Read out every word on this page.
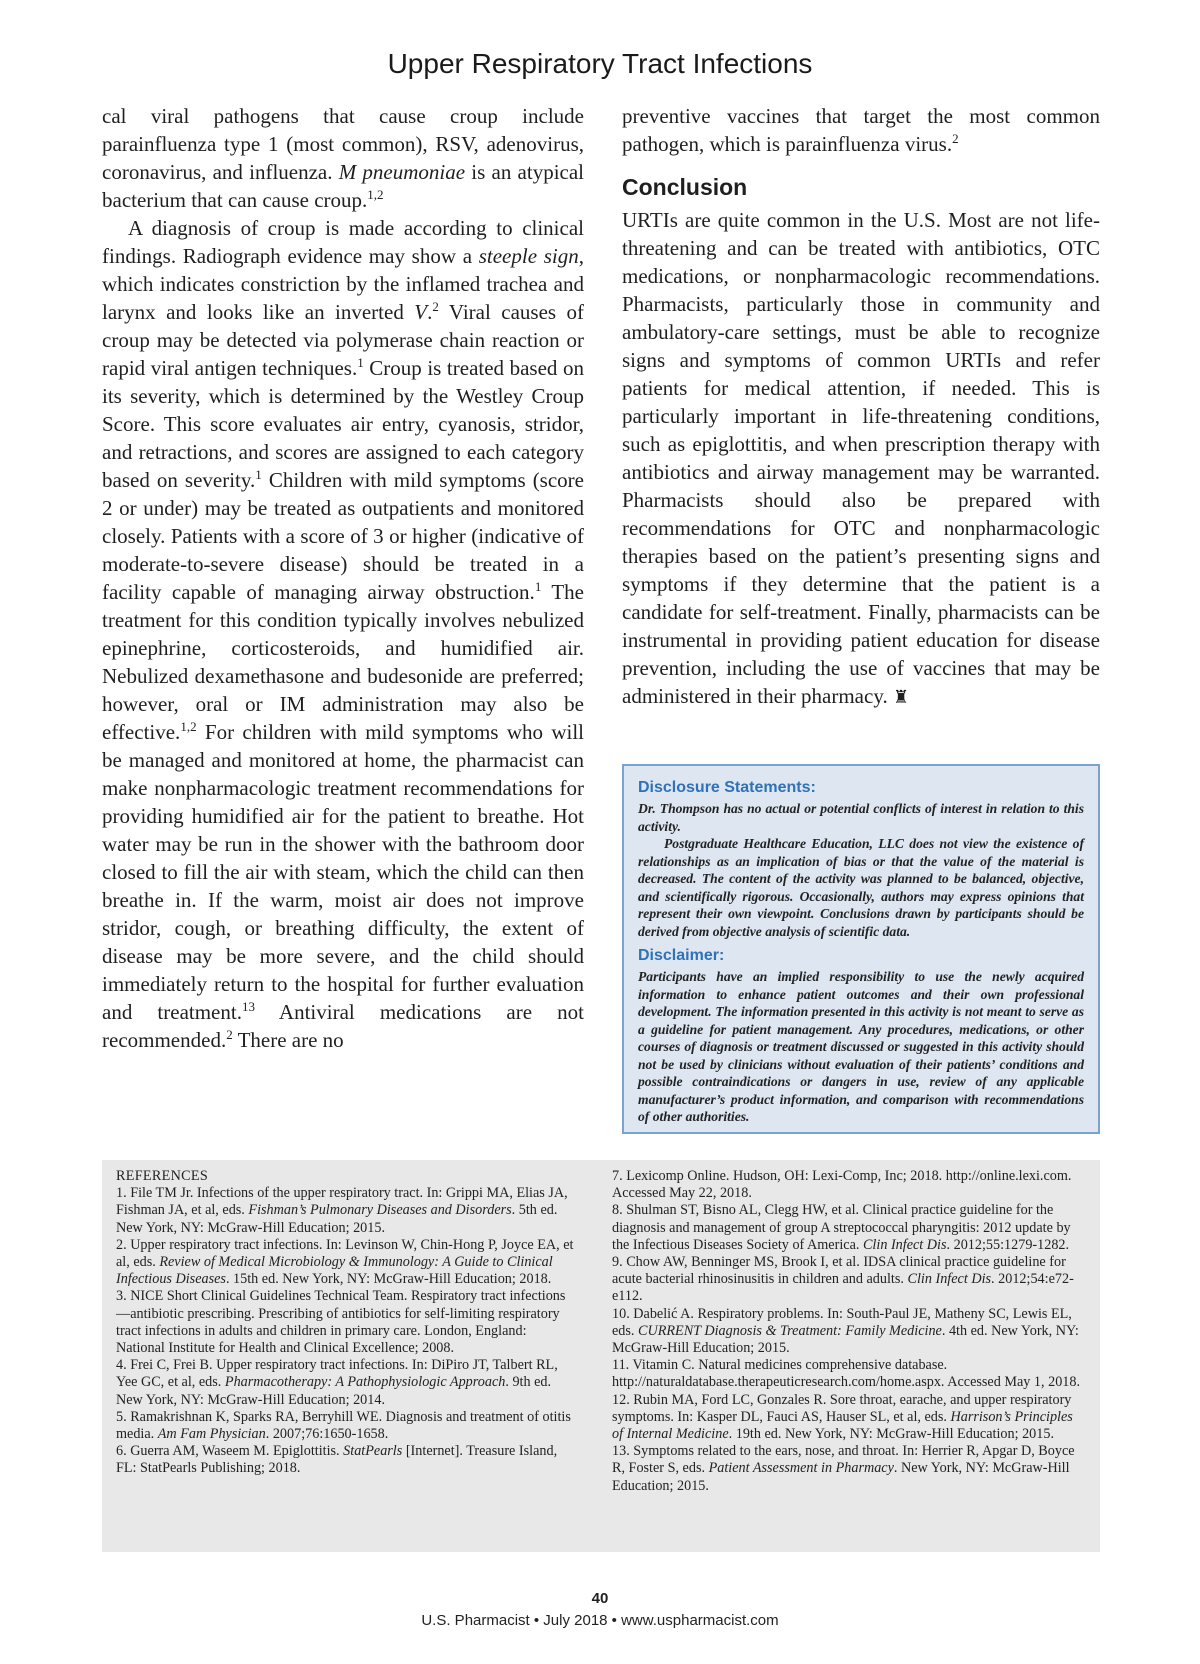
Upper Respiratory Tract Infections

cal viral pathogens that cause croup include parainfluenza type 1 (most common), RSV, adenovirus, coronavirus, and influenza. M pneumoniae is an atypical bacterium that can cause croup.$^{1,2}$

A diagnosis of croup is made according to clinical findings. Radiograph evidence may show a steeple sign, which indicates constriction by the inflamed trachea and larynx and looks like an inverted V.$^2$ Viral causes of croup may be detected via polymerase chain reaction or rapid viral antigen techniques.$^1$ Croup is treated based on its severity, which is determined by the Westley Croup Score. This score evaluates air entry, cyanosis, stridor, and retractions, and scores are assigned to each category based on severity.$^1$ Children with mild symptoms (score 2 or under) may be treated as outpatients and monitored closely. Patients with a score of 3 or higher (indicative of moderate-to-severe disease) should be treated in a facility capable of managing airway obstruction.$^1$ The treatment for this condition typically involves nebulized epinephrine, corticosteroids, and humidified air. Nebulized dexamethasone and budesonide are preferred; however, oral or IM administration may also be effective.$^{1,2}$ For children with mild symptoms who will be managed and monitored at home, the pharmacist can make nonpharmacologic treatment recommendations for providing humidified air for the patient to breathe. Hot water may be run in the shower with the bathroom door closed to fill the air with steam, which the child can then breathe in. If the warm, moist air does not improve stridor, cough, or breathing difficulty, the extent of disease may be more severe, and the child should immediately return to the hospital for further evaluation and treatment.$^{13}$ Antiviral medications are not recommended.$^2$ There are no

preventive vaccines that target the most common pathogen, which is parainfluenza virus.$^2$

Conclusion

URTIs are quite common in the U.S. Most are not life-threatening and can be treated with antibiotics, OTC medications, or nonpharmacologic recommendations. Pharmacists, particularly those in community and ambulatory-care settings, must be able to recognize signs and symptoms of common URTIs and refer patients for medical attention, if needed. This is particularly important in life-threatening conditions, such as epiglottitis, and when prescription therapy with antibiotics and airway management may be warranted. Pharmacists should also be prepared with recommendations for OTC and nonpharmacologic therapies based on the patient’s presenting signs and symptoms if they determine that the patient is a candidate for self-treatment. Finally, pharmacists can be instrumental in providing patient education for disease prevention, including the use of vaccines that may be administered in their pharmacy. ♜

Disclosure Statements:

Dr. Thompson has no actual or potential conflicts of interest in relation to this activity.

Postgraduate Healthcare Education, LLC does not view the existence of relationships as an implication of bias or that the value of the material is decreased. The content of the activity was planned to be balanced, objective, and scientifically rigorous. Occasionally, authors may express opinions that represent their own viewpoint. Conclusions drawn by participants should be derived from objective analysis of scientific data.

Disclaimer:

Participants have an implied responsibility to use the newly acquired information to enhance patient outcomes and their own professional development. The information presented in this activity is not meant to serve as a guideline for patient management. Any procedures, medications, or other courses of diagnosis or treatment discussed or suggested in this activity should not be used by clinicians without evaluation of their patients’ conditions and possible contraindications or dangers in use, review of any applicable manufacturer’s product information, and comparison with recommendations of other authorities.

REFERENCES

1. File TM Jr. Infections of the upper respiratory tract. In: Grippi MA, Elias JA, Fishman JA, et al, eds. Fishman’s Pulmonary Diseases and Disorders. 5th ed. New York, NY: McGraw-Hill Education; 2015.

2. Upper respiratory tract infections. In: Levinson W, Chin-Hong P, Joyce EA, et al, eds. Review of Medical Microbiology & Immunology: A Guide to Clinical Infectious Diseases. 15th ed. New York, NY: McGraw-Hill Education; 2018.

3. NICE Short Clinical Guidelines Technical Team. Respiratory tract infections—antibiotic prescribing. Prescribing of antibiotics for self-limiting respiratory tract infections in adults and children in primary care. London, England: National Institute for Health and Clinical Excellence; 2008.

4. Frei C, Frei B. Upper respiratory tract infections. In: DiPiro JT, Talbert RL, Yee GC, et al, eds. Pharmacotherapy: A Pathophysiologic Approach. 9th ed. New York, NY: McGraw-Hill Education; 2014.

5. Ramakrishnan K, Sparks RA, Berryhill WE. Diagnosis and treatment of otitis media. Am Fam Physician. 2007;76:1650-1658.

6. Guerra AM, Waseem M. Epiglottitis. StatPearls [Internet]. Treasure Island, FL: StatPearls Publishing; 2018.

7. Lexicomp Online. Hudson, OH: Lexi-Comp, Inc; 2018. http://online.lexi.com. Accessed May 22, 2018.

8. Shulman ST, Bisno AL, Clegg HW, et al. Clinical practice guideline for the diagnosis and management of group A streptococcal pharyngitis: 2012 update by the Infectious Diseases Society of America. Clin Infect Dis. 2012;55:1279-1282.

9. Chow AW, Benninger MS, Brook I, et al. IDSA clinical practice guideline for acute bacterial rhinosinusitis in children and adults. Clin Infect Dis. 2012;54:e72-e112.

10. Dabelić A. Respiratory problems. In: South-Paul JE, Matheny SC, Lewis EL, eds. CURRENT Diagnosis & Treatment: Family Medicine. 4th ed. New York, NY: McGraw-Hill Education; 2015.

11. Vitamin C. Natural medicines comprehensive database. http://naturaldatabase.therapeuticresearch.com/home.aspx. Accessed May 1, 2018.

12. Rubin MA, Ford LC, Gonzales R. Sore throat, earache, and upper respiratory symptoms. In: Kasper DL, Fauci AS, Hauser SL, et al, eds. Harrison’s Principles of Internal Medicine. 19th ed. New York, NY: McGraw-Hill Education; 2015.

13. Symptoms related to the ears, nose, and throat. In: Herrier R, Apgar D, Boyce R, Foster S, eds. Patient Assessment in Pharmacy. New York, NY: McGraw-Hill Education; 2015.

40
U.S. Pharmacist • July 2018 • www.uspharmacist.com
